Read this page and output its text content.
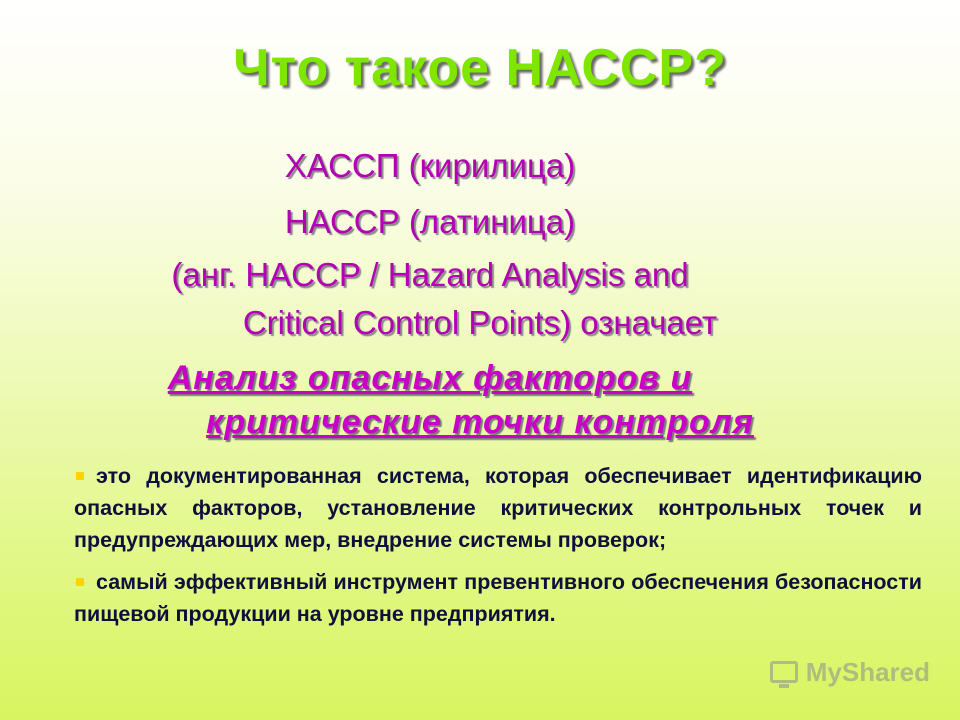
Что такое НАССР?
ХАССП (кирилица)
НАССР (латиница)
(анг. HACCP / Hazard Analysis and
Critical Control Points) означает
Анализ опасных факторов и
критические точки контроля
это документированная система, которая обеспечивает идентификацию опасных факторов, установление критических контрольных точек и предупреждающих мер, внедрение системы проверок;
самый эффективный инструмент превентивного обеспечения безопасности пищевой продукции на уровне предприятия.
MyShared
